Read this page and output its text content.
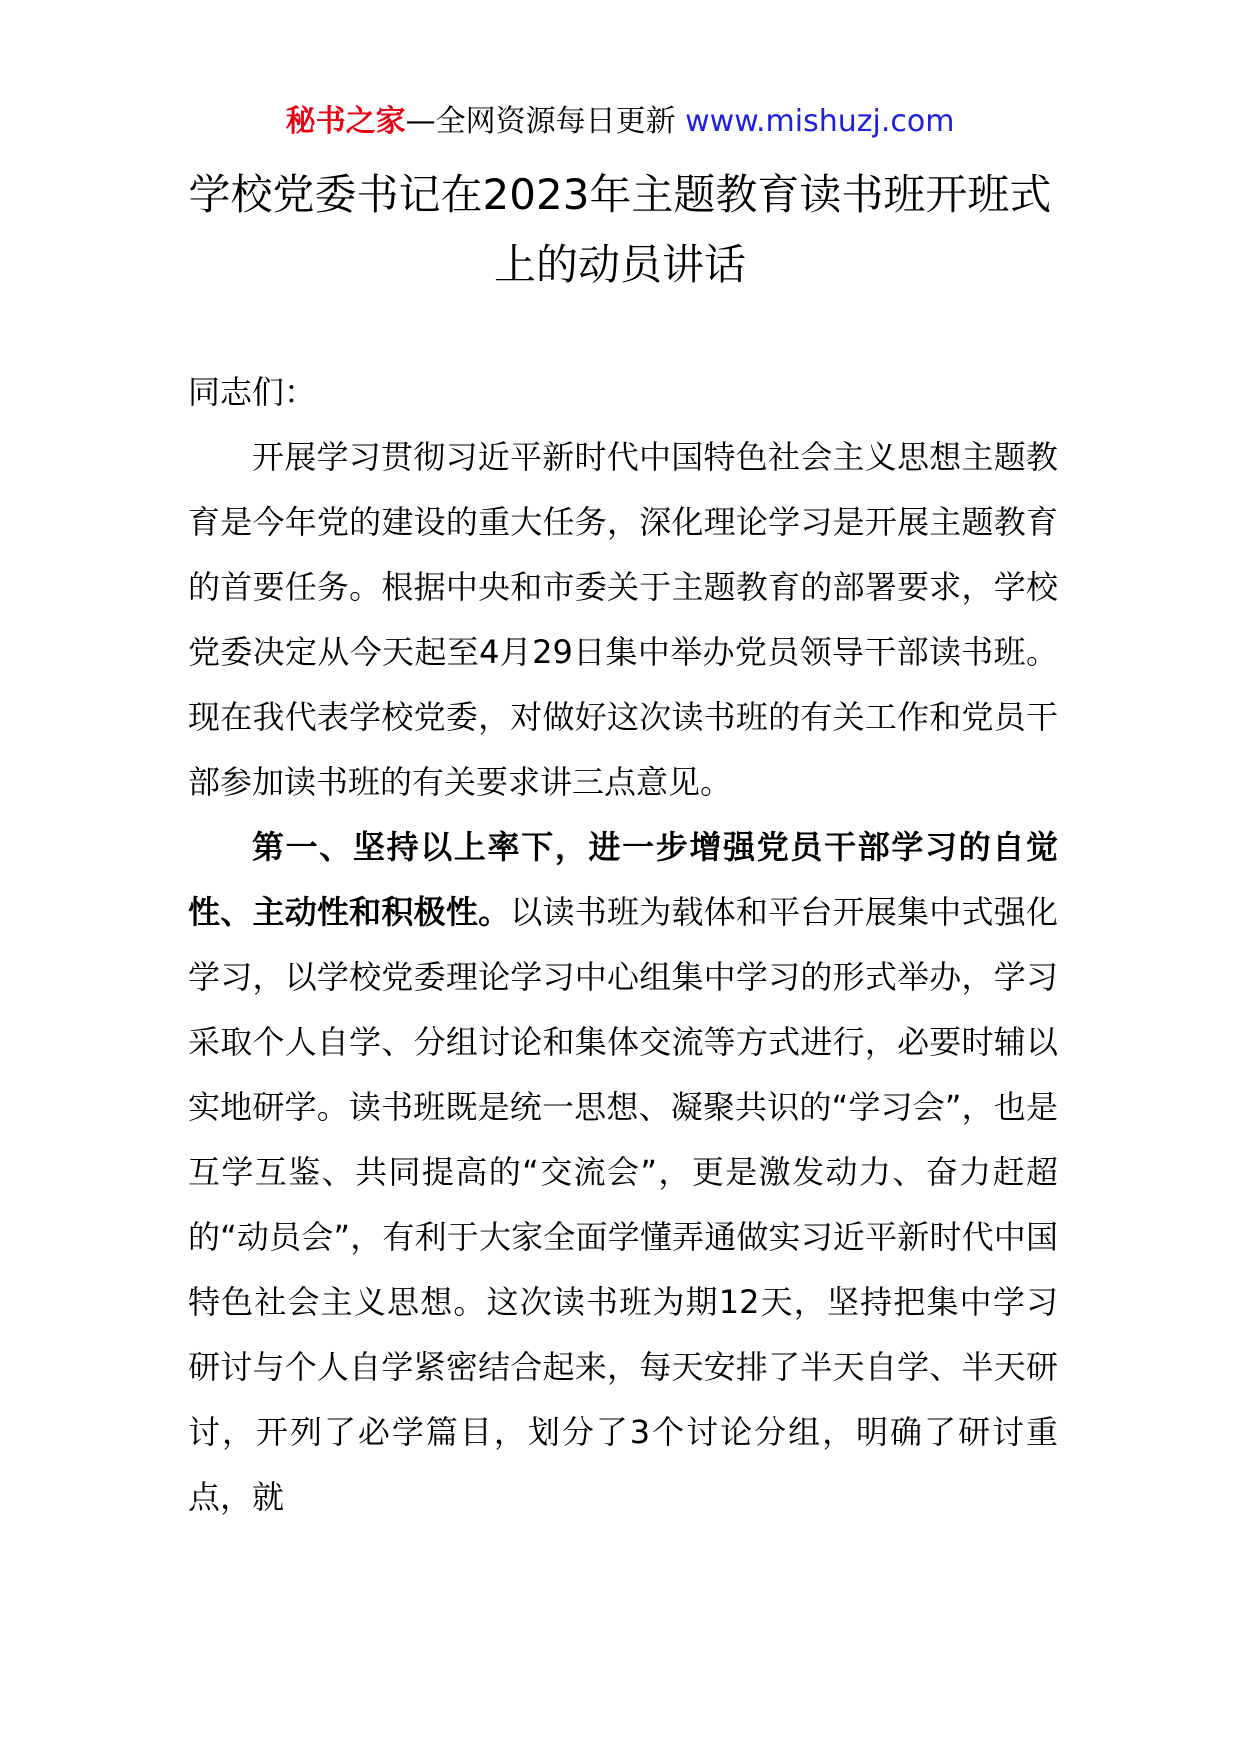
秘书之家—全网资源每日更新 www.mishuzj.com
学校党委书记在2023年主题教育读书班开班式上的动员讲话

同志们：

开展学习贯彻习近平新时代中国特色社会主义思想主题教育是今年党的建设的重大任务，深化理论学习是开展主题教育的首要任务。根据中央和市委关于主题教育的部署要求，学校党委决定从今天起至4月29日集中举办党员领导干部读书班。现在我代表学校党委，对做好这次读书班的有关工作和党员干部参加读书班的有关要求讲三点意见。

第一、坚持以上率下，进一步增强党员干部学习的自觉性、主动性和积极性。以读书班为载体和平台开展集中式强化学习，以学校党委理论学习中心组集中学习的形式举办，学习采取个人自学、分组讨论和集体交流等方式进行，必要时辅以实地研学。读书班既是统一思想、凝聚共识的“学习会”，也是互学互鉴、共同提高的“交流会”，更是激发动力、奋力赶超的“动员会”，有利于大家全面学懂弄通做实习近平新时代中国特色社会主义思想。这次读书班为期12天，坚持把集中学习研讨与个人自学紧密结合起来，每天安排了半天自学、半天研讨，开列了必学篇目，划分了3个讨论分组，明确了研讨重点，就
